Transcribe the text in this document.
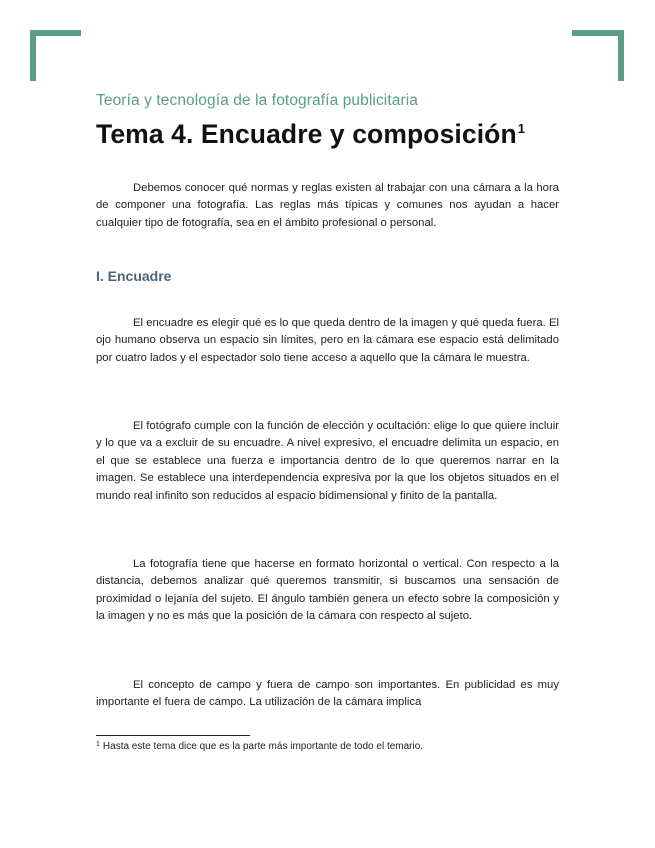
Teoría y tecnología de la fotografía publicitaria
Tema 4. Encuadre y composición$^1$

Debemos conocer qué normas y reglas existen al trabajar con una cámara a la hora de componer una fotografía. Las reglas más típicas y comunes nos ayudan a hacer cualquier tipo de fotografía, sea en el ámbito profesional o personal.

I. Encuadre

El encuadre es elegir qué es lo que queda dentro de la imagen y qué queda fuera. El ojo humano observa un espacio sin límites, pero en la cámara ese espacio está delimitado por cuatro lados y el espectador solo tiene acceso a aquello que la cámara le muestra.

El fotógrafo cumple con la función de elección y ocultación: elige lo que quiere incluir y lo que va a excluir de su encuadre. A nivel expresivo, el encuadre delimita un espacio, en el que se establece una fuerza e importancia dentro de lo que queremos narrar en la imagen. Se establece una interdependencia expresiva por la que los objetos situados en el mundo real infinito son reducidos al espacio bidimensional y finito de la pantalla.

La fotografía tiene que hacerse en formato horizontal o vertical. Con respecto a la distancia, debemos analizar qué queremos transmitir, si buscamos una sensación de proximidad o lejanía del sujeto. El ángulo también genera un efecto sobre la composición y la imagen y no es más que la posición de la cámara con respecto al sujeto.

El concepto de campo y fuera de campo son importantes. En publicidad es muy importante el fuera de campo. La utilización de la cámara implica

$^1$ Hasta este tema dice que es la parte más importante de todo el temario.
